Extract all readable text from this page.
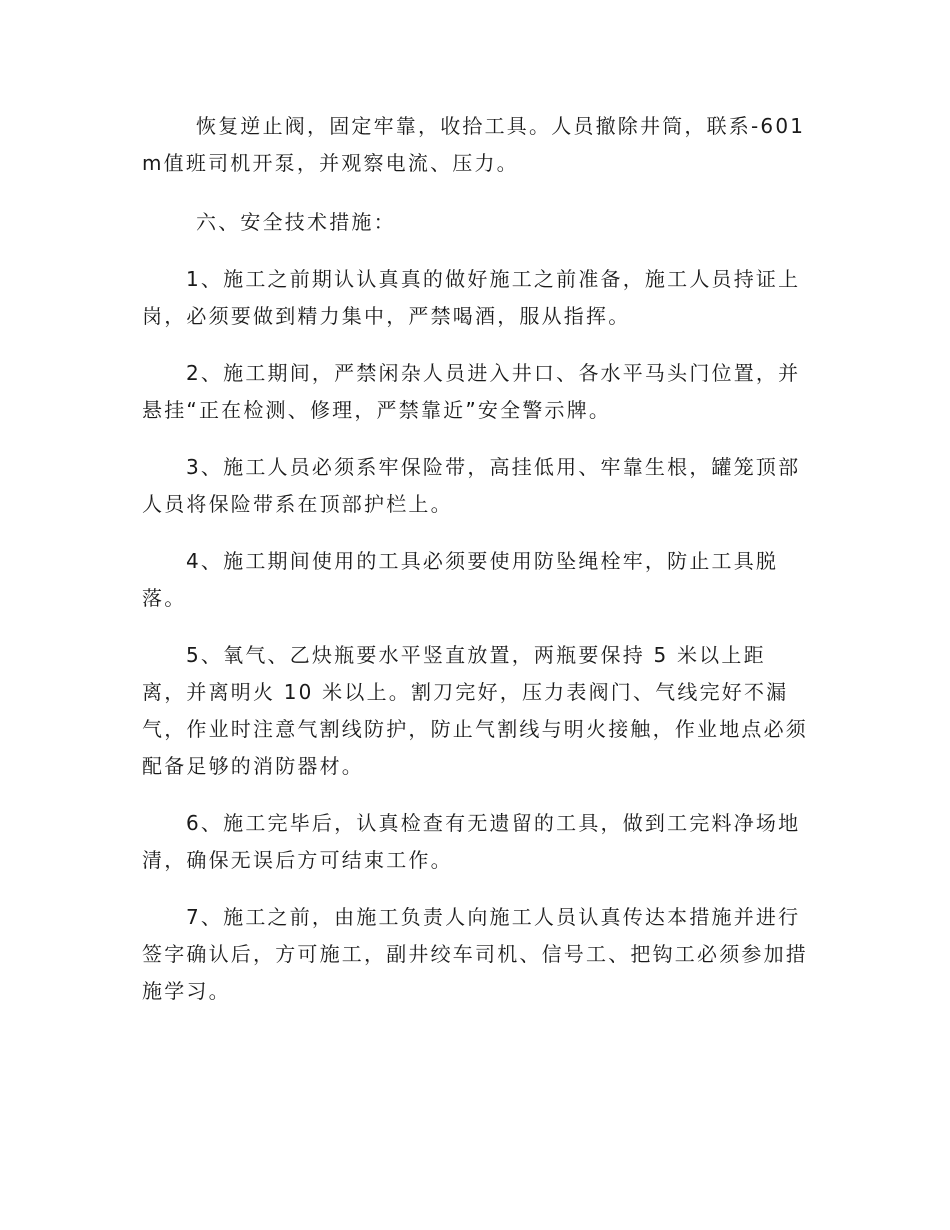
恢复逆止阀，固定牢靠，收拾工具。人员撤除井筒，联系-601m值班司机开泵，并观察电流、压力。

六、安全技术措施：

1、施工之前期认认真真的做好施工之前准备，施工人员持证上岗，必须要做到精力集中，严禁喝酒，服从指挥。

2、施工期间，严禁闲杂人员进入井口、各水平马头门位置，并悬挂“正在检测、修理，严禁靠近”安全警示牌。

3、施工人员必须系牢保险带，高挂低用、牢靠生根，罐笼顶部人员将保险带系在顶部护栏上。

4、施工期间使用的工具必须要使用防坠绳栓牢，防止工具脱落。

5、氧气、乙炔瓶要水平竖直放置，两瓶要保持 5 米以上距离，并离明火 10 米以上。割刀完好，压力表阀门、气线完好不漏气，作业时注意气割线防护，防止气割线与明火接触，作业地点必须配备足够的消防器材。

6、施工完毕后，认真检查有无遗留的工具，做到工完料净场地清，确保无误后方可结束工作。

7、施工之前，由施工负责人向施工人员认真传达本措施并进行签字确认后，方可施工，副井绞车司机、信号工、把钩工必须参加措施学习。
